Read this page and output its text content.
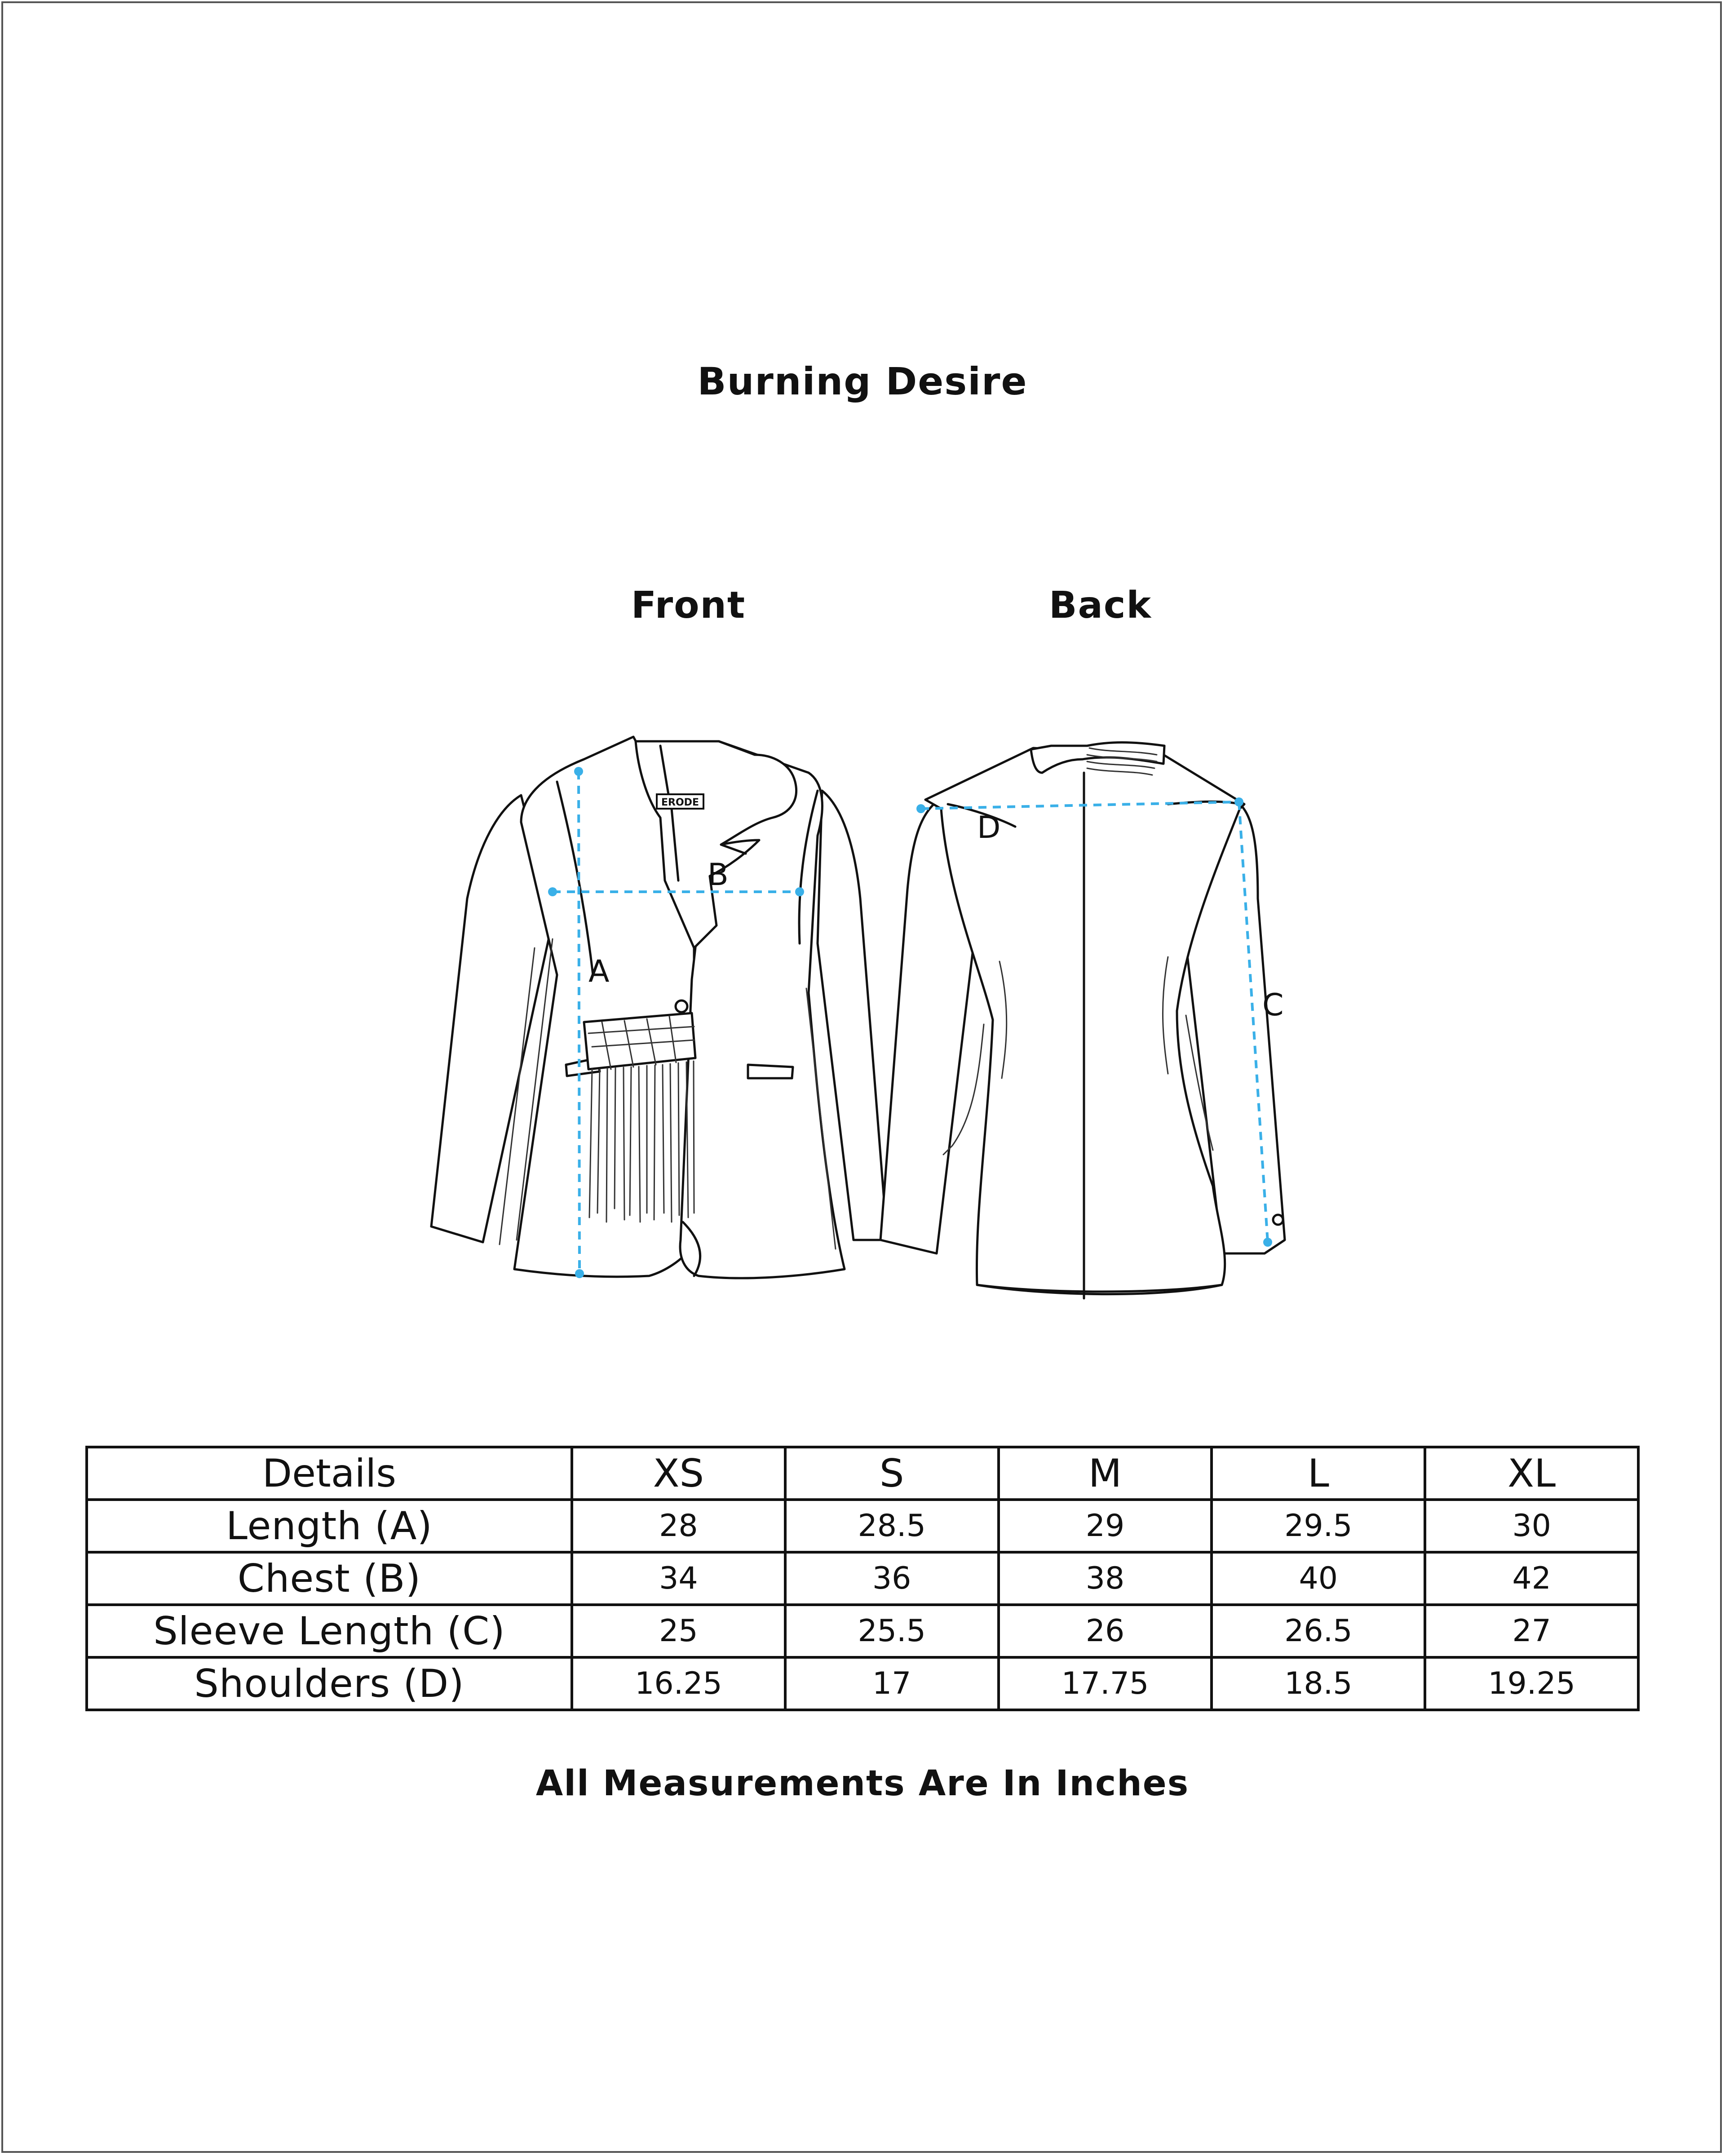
Burning Desire
Front	Back
ERODE
A
B
D
C
Details	XS	S	M	L	XL
Length (A)	28	28.5	29	29.5	30
Chest (B)	34	36	38	40	42
Sleeve Length (C)	25	25.5	26	26.5	27
Shoulders (D)	16.25	17	17.75	18.5	19.25
All Measurements Are In Inches
